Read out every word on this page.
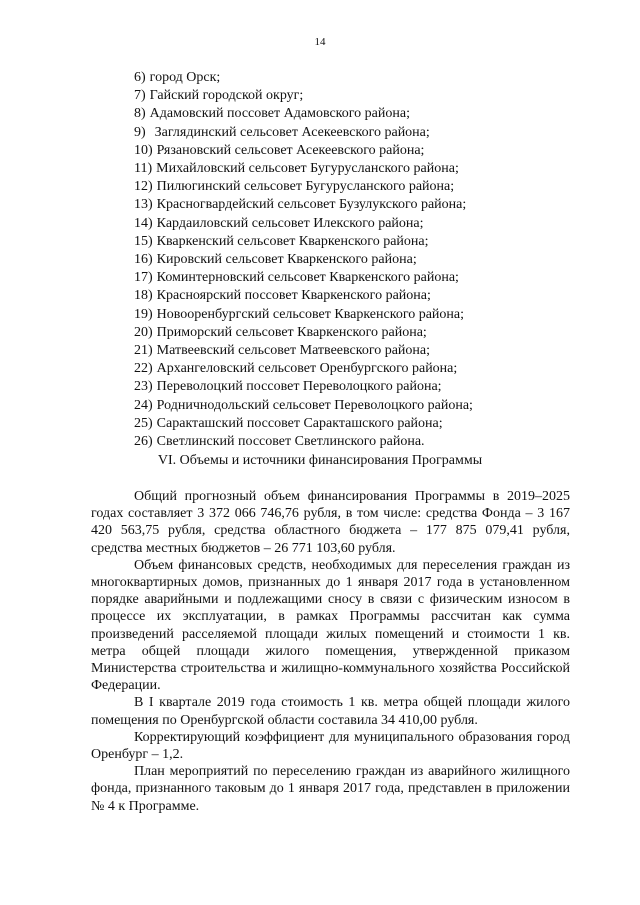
14
6) город Орск;
7) Гайский городской округ;
8) Адамовский поссовет Адамовского района;
9) Заглядинский сельсовет Асекеевского района;
10) Рязановский сельсовет Асекеевского района;
11) Михайловский сельсовет Бугурусланского района;
12) Пилюгинский сельсовет Бугурусланского района;
13) Красногвардейский сельсовет Бузулукского района;
14) Кардаиловский сельсовет Илекского района;
15) Кваркенский сельсовет Кваркенского района;
16) Кировский сельсовет Кваркенского района;
17) Коминтерновский сельсовет Кваркенского района;
18) Красноярский поссовет Кваркенского района;
19) Новооренбургский сельсовет Кваркенского района;
20) Приморский сельсовет Кваркенского района;
21) Матвеевский сельсовет Матвеевского района;
22) Архангеловский сельсовет Оренбургского района;
23) Переволоцкий поссовет Переволоцкого района;
24) Родничнодольский сельсовет Переволоцкого района;
25) Саракташский поссовет Саракташского района;
26) Светлинский поссовет Светлинского района.
VI. Объемы и источники финансирования Программы

Общий прогнозный объем финансирования Программы в 2019–2025 годах составляет 3 372 066 746,76 рубля, в том числе: средства Фонда – 3 167 420 563,75 рубля, средства областного бюджета – 177 875 079,41 рубля, средства местных бюджетов – 26 771 103,60 рубля.

Объем финансовых средств, необходимых для переселения граждан из многоквартирных домов, признанных до 1 января 2017 года в установленном порядке аварийными и подлежащими сносу в связи с физическим износом в процессе их эксплуатации, в рамках Программы рассчитан как сумма произведений расселяемой площади жилых помещений и стоимости 1 кв. метра общей площади жилого помещения, утвержденной приказом Министерства строительства и жилищно-коммунального хозяйства Российской Федерации.

В I квартале 2019 года стоимость 1 кв. метра общей площади жилого помещения по Оренбургской области составила 34 410,00 рубля.

Корректирующий коэффициент для муниципального образования город Оренбург – 1,2.

План мероприятий по переселению граждан из аварийного жилищного фонда, признанного таковым до 1 января 2017 года, представлен в приложении № 4 к Программе.
